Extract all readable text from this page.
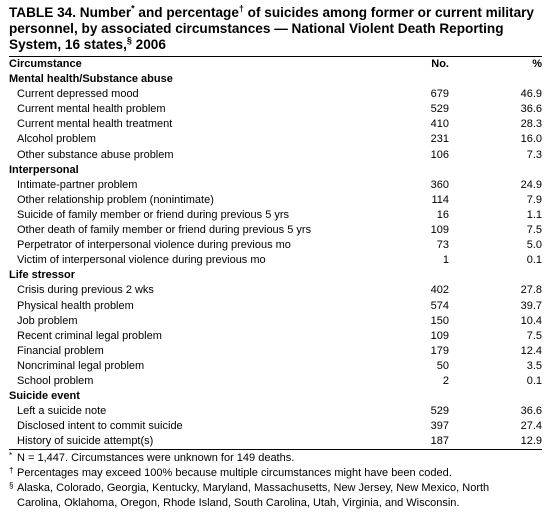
TABLE 34. Number* and percentage† of suicides among former or current military
personnel, by associated circumstances — National Violent Death Reporting
System, 16 states,§ 2006
Circumstance	No.	%
Mental health/Substance abuse		
Current depressed mood	679	46.9
Current mental health problem	529	36.6
Current mental health treatment	410	28.3
Alcohol problem	231	16.0
Other substance abuse problem	106	7.3
Interpersonal		
Intimate-partner problem	360	24.9
Other relationship problem (nonintimate)	114	7.9
Suicide of family member or friend during previous 5 yrs	16	1.1
Other death of family member or friend during previous 5 yrs	109	7.5
Perpetrator of interpersonal violence during previous mo	73	5.0
Victim of interpersonal violence during previous mo	1	0.1
Life stressor		
Crisis during previous 2 wks	402	27.8
Physical health problem	574	39.7
Job problem	150	10.4
Recent criminal legal problem	109	7.5
Financial problem	179	12.4
Noncriminal legal problem	50	3.5
School problem	2	0.1
Suicide event		
Left a suicide note	529	36.6
Disclosed intent to commit suicide	397	27.4
History of suicide attempt(s)	187	12.9
* N = 1,447. Circumstances were unknown for 149 deaths.
† Percentages may exceed 100% because multiple circumstances might have been coded.
§ Alaska, Colorado, Georgia, Kentucky, Maryland, Massachusetts, New Jersey, New Mexico, North
Carolina, Oklahoma, Oregon, Rhode Island, South Carolina, Utah, Virginia, and Wisconsin.
